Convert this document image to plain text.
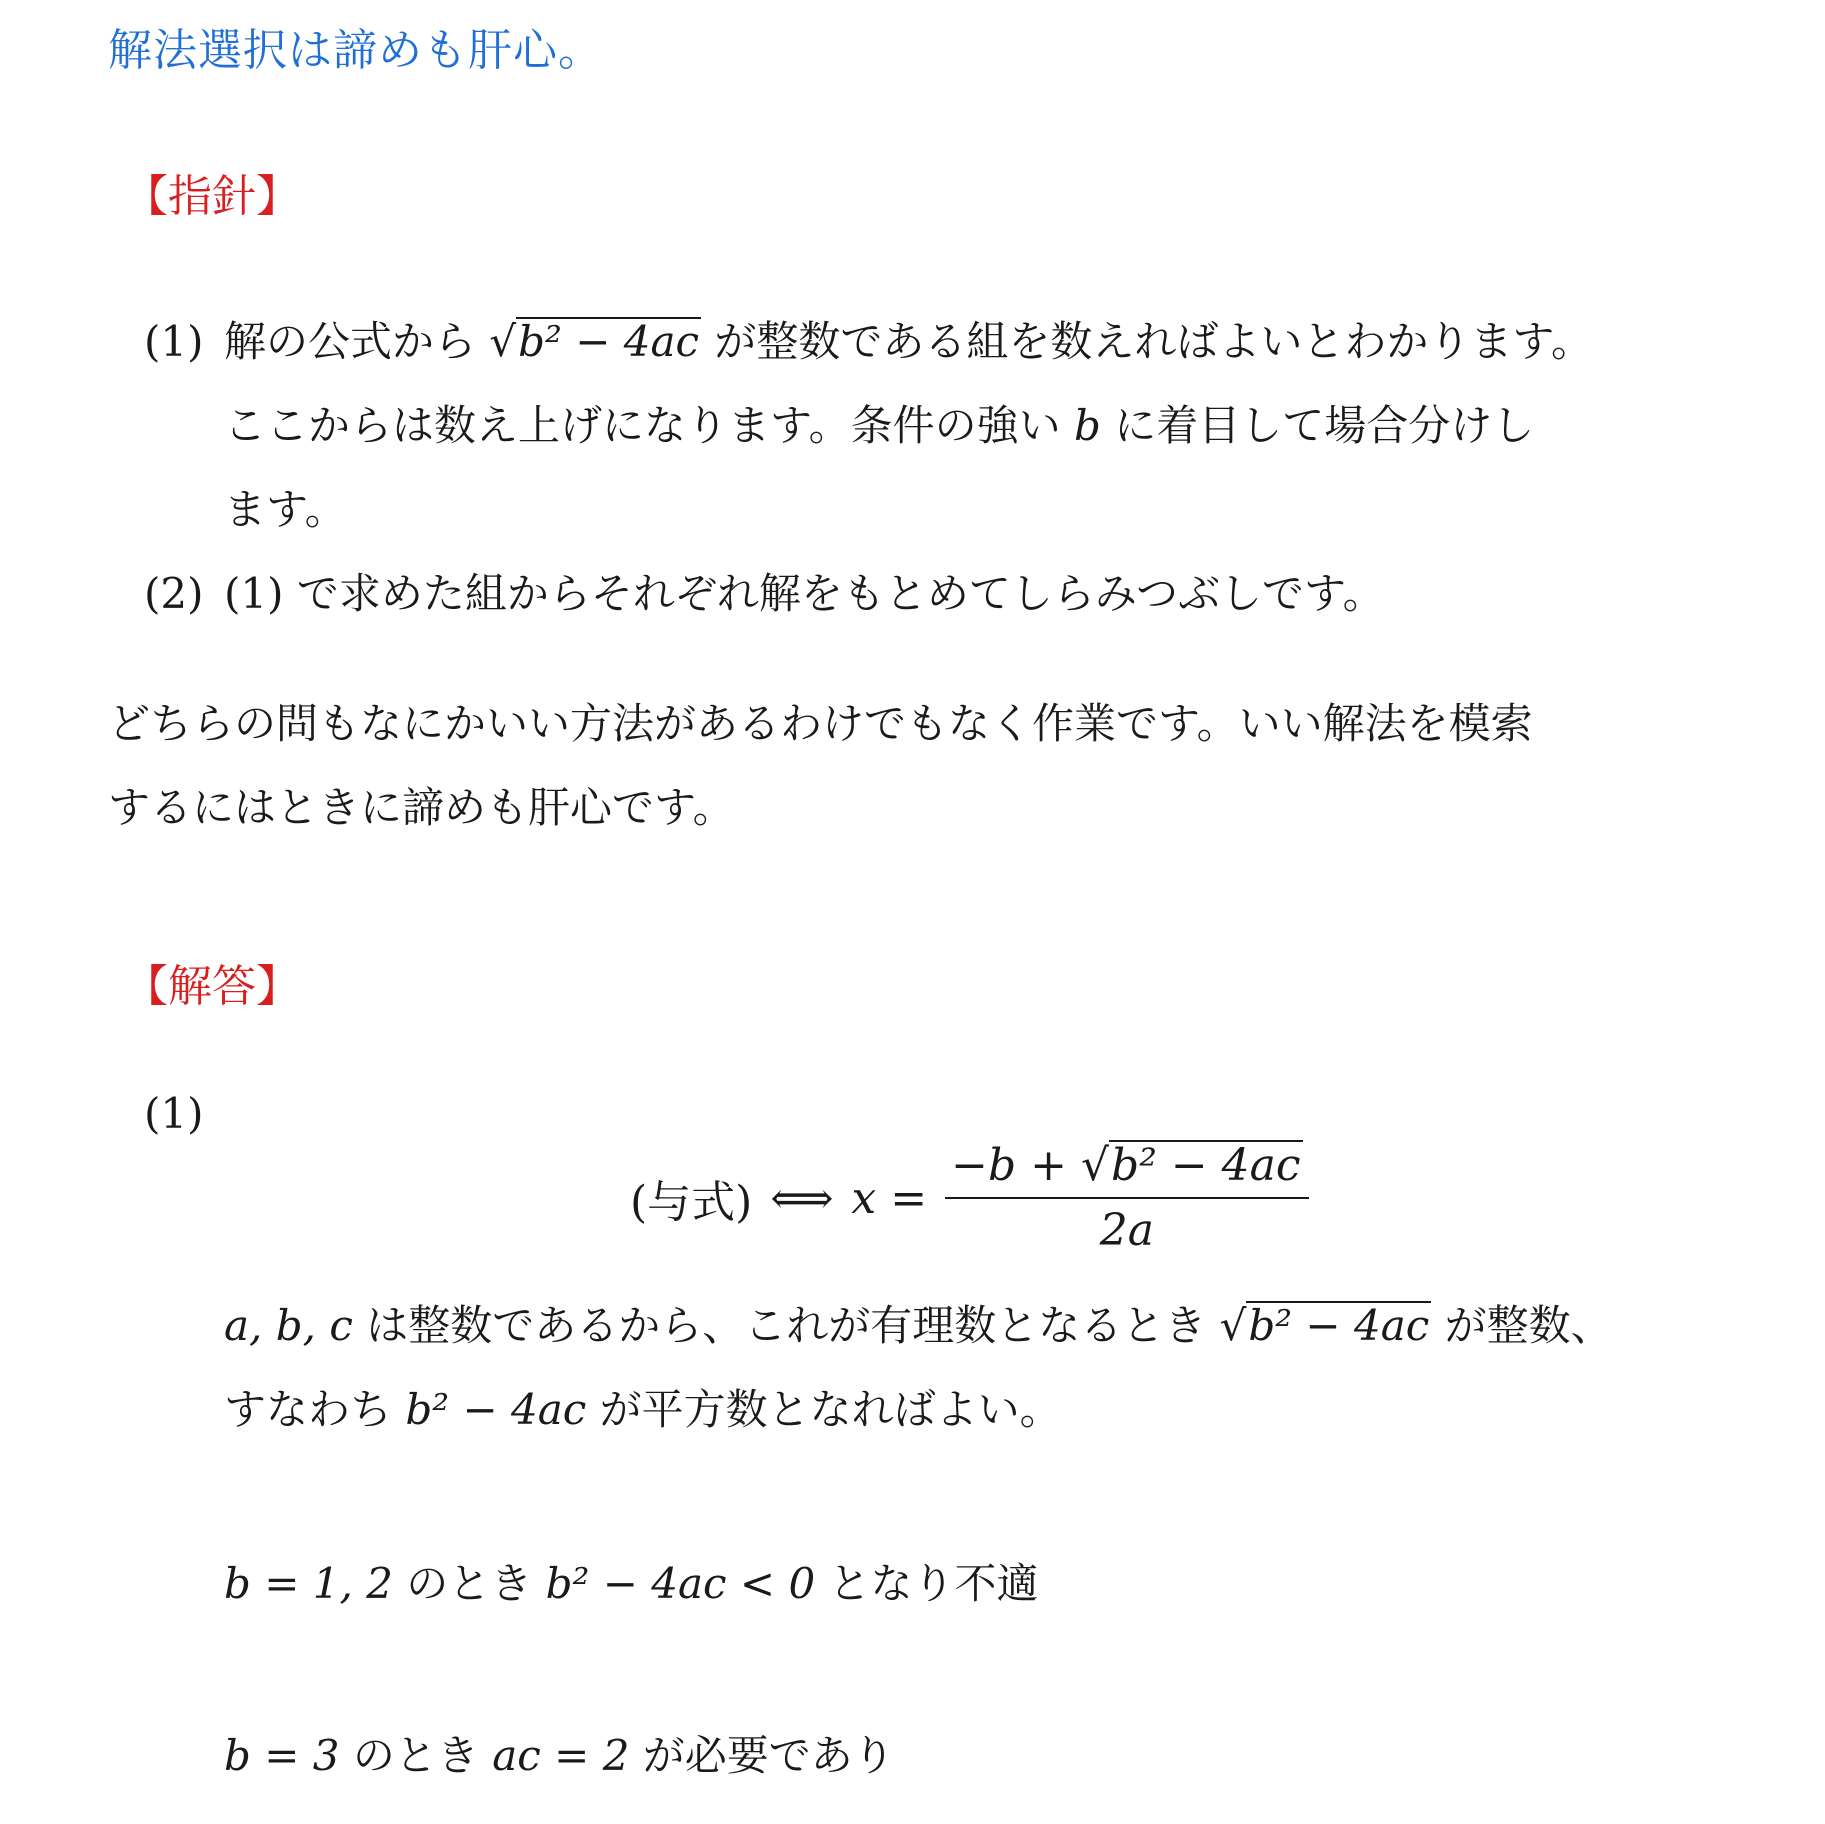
解法選択は諦めも肝心。
【指針】
(1) 解の公式から √b² − 4ac が整数である組を数えればよいとわかります。
ここからは数え上げになります。条件の強い b に着目して場合分けし
ます。
(2) (1) で求めた組からそれぞれ解をもとめてしらみつぶしです。
どちらの問もなにかいい方法があるわけでもなく作業です。いい解法を模索
するにはときに諦めも肝心です。
【解答】
(1)
(与式) ⟺ $x = \frac{\text{−b + √b² − 4ac}}{2a}$
a, b, c は整数であるから、これが有理数となるとき √b² − 4ac が整数、
すなわち b² − 4ac が平方数となればよい。
b = 1, 2 のとき b² − 4ac < 0 となり不適
b = 3 のとき ac = 2 が必要であり
